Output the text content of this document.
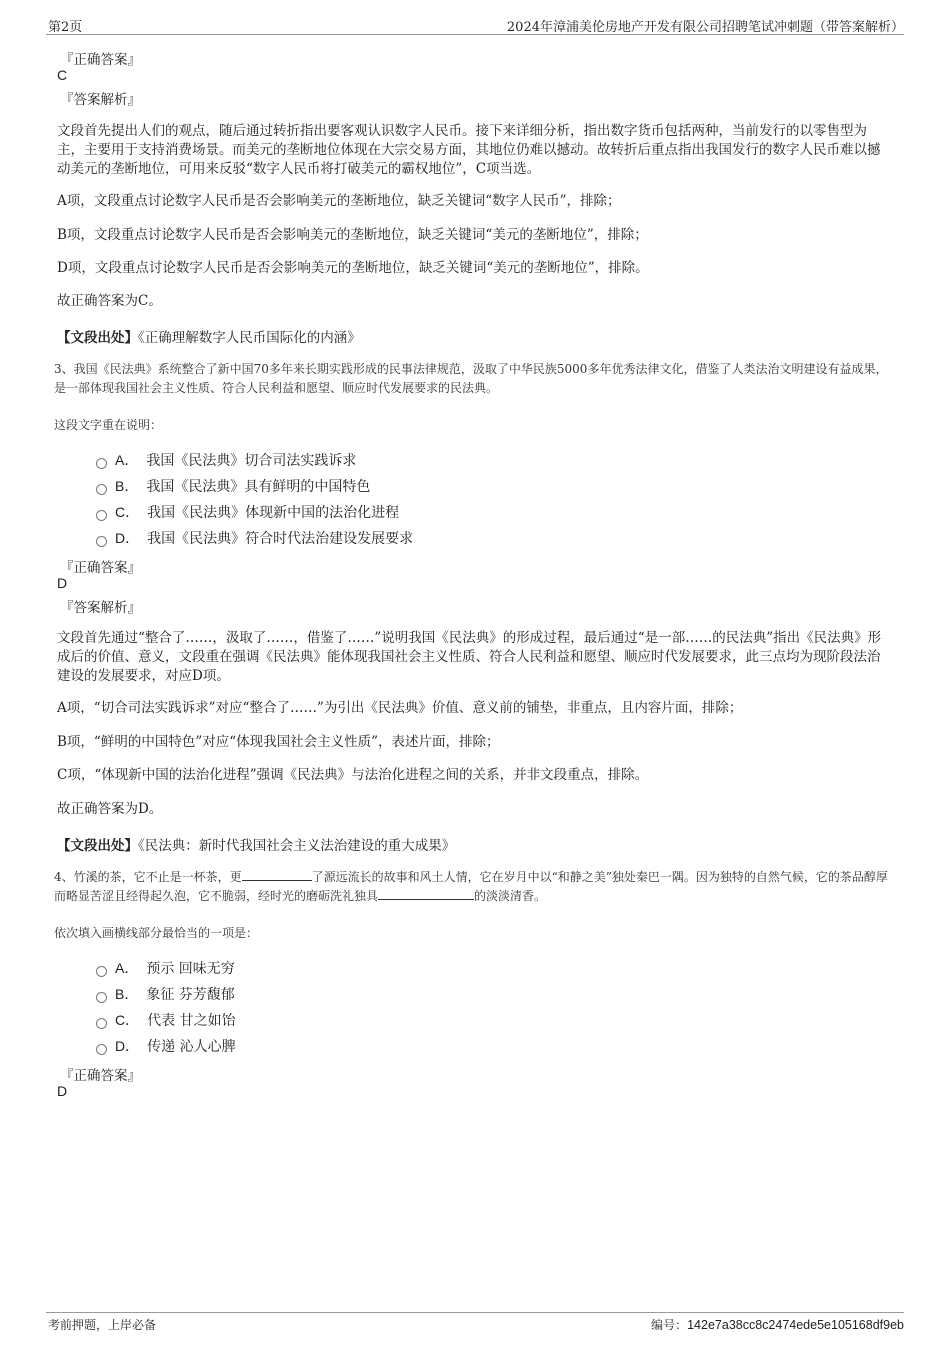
第2页	2024年漳浦美伦房地产开发有限公司招聘笔试冲刺题（带答案解析）
『正确答案』
C
『答案解析』

文段首先提出人们的观点，随后通过转折指出要客观认识数字人民币。接下来详细分析，指出数字货币包括两种，当前发行的以零售型为主，主要用于支持消费场景。而美元的垄断地位体现在大宗交易方面，其地位仍难以撼动。故转折后重点指出我国发行的数字人民币难以撼动美元的垄断地位，可用来反驳“数字人民币将打破美元的霸权地位”，C项当选。

A项，文段重点讨论数字人民币是否会影响美元的垄断地位，缺乏关键词“数字人民币”，排除；

B项，文段重点讨论数字人民币是否会影响美元的垄断地位，缺乏关键词“美元的垄断地位”，排除；

D项，文段重点讨论数字人民币是否会影响美元的垄断地位，缺乏关键词“美元的垄断地位”，排除。

故正确答案为C。

【文段出处】《正确理解数字人民币国际化的内涵》

3、我国《民法典》系统整合了新中国70多年来长期实践形成的民事法律规范，汲取了中华民族5000多年优秀法律文化，借鉴了人类法治文明建设有益成果，是一部体现我国社会主义性质、符合人民利益和愿望、顺应时代发展要求的民法典。

这段文字重在说明：
A． 我国《民法典》切合司法实践诉求
B． 我国《民法典》具有鲜明的中国特色
C． 我国《民法典》体现新中国的法治化进程
D． 我国《民法典》符合时代法治建设发展要求
『正确答案』
D
『答案解析』

文段首先通过“整合了……，汲取了……，借鉴了……”说明我国《民法典》的形成过程，最后通过“是一部……的民法典”指出《民法典》形成后的价值、意义，文段重在强调《民法典》能体现我国社会主义性质、符合人民利益和愿望、顺应时代发展要求，此三点均为现阶段法治建设的发展要求，对应D项。

A项，“切合司法实践诉求”对应“整合了……”为引出《民法典》价值、意义前的铺垫，非重点，且内容片面，排除；

B项，“鲜明的中国特色”对应“体现我国社会主义性质”，表述片面，排除；

C项，“体现新中国的法治化进程”强调《民法典》与法治化进程之间的关系，并非文段重点，排除。

故正确答案为D。

【文段出处】《民法典：新时代我国社会主义法治建设的重大成果》

4、竹溪的茶，它不止是一杯茶，更	了源远流长的故事和风土人情，它在岁月中以“和静之美”独处秦巴一隅。因为独特的自然气候，它的茶品醇厚而略显苦涩且经得起久泡，它不脆弱，经时光的磨砺洗礼独具	的淡淡清香。

依次填入画横线部分最恰当的一项是：
A． 预示 回味无穷
B． 象征 芬芳馥郁
C． 代表 甘之如饴
D． 传递 沁人心脾
『正确答案』
D
考前押题，上岸必备	编号：142e7a38cc8c2474ede5e105168df9eb
